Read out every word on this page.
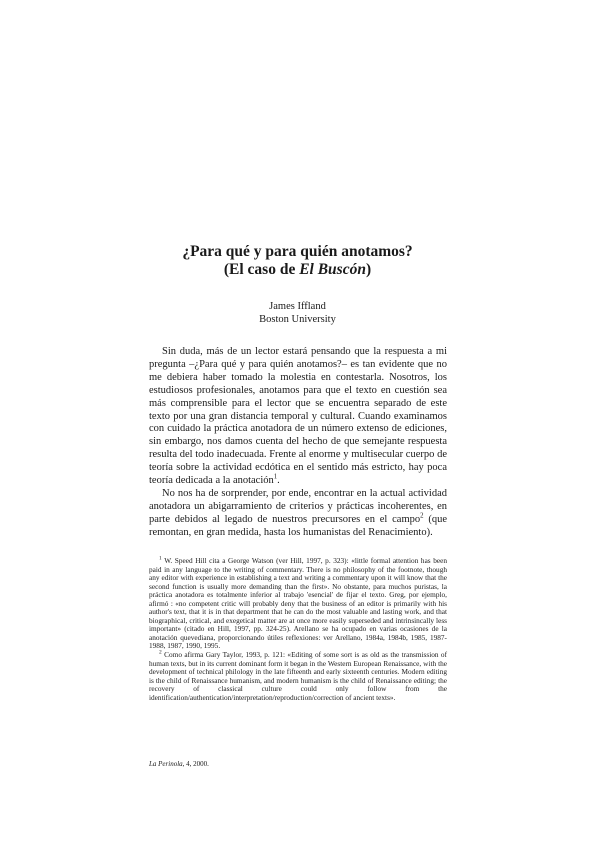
¿Para qué y para quién anotamos?

(El caso de El Buscón)

James Iffland
Boston University

Sin duda, más de un lector estará pensando que la respuesta a mi pregunta –¿Para qué y para quién anotamos?– es tan evidente que no me debiera haber tomado la molestia en contestarla. Nosotros, los estudiosos profesionales, anotamos para que el texto en cuestión sea más comprensible para el lector que se encuentra separado de este texto por una gran distancia temporal y cultural. Cuando examinamos con cuidado la práctica anotadora de un número extenso de ediciones, sin embargo, nos damos cuenta del hecho de que semejante respuesta resulta del todo inadecuada. Frente al enorme y multisecular cuerpo de teoría sobre la actividad ecdótica en el sentido más estricto, hay poca teoría dedicada a la anotación$^1$.

No nos ha de sorprender, por ende, encontrar en la actual actividad anotadora un abigarramiento de criterios y prácticas incoherentes, en parte debidos al legado de nuestros precursores en el campo$^2$ (que remontan, en gran medida, hasta los humanistas del Renacimiento).

$^1$ W. Speed Hill cita a George Watson (ver Hill, 1997, p. 323): «little formal attention has been paid in any language to the writing of commentary. There is no philosophy of the footnote, though any editor with experience in establishing a text and writing a commentary upon it will know that the second function is usually more demanding than the first». No obstante, para muchos puristas, la práctica anotadora es totalmente inferior al trabajo 'esencial' de fijar el texto. Greg, por ejemplo, afirmó : «no competent critic will probably deny that the business of an editor is primarily with his author's text, that it is in that department that he can do the most valuable and lasting work, and that biographical, critical, and exegetical matter are at once more easily superseded and intrinsincally less important» (citado en Hill, 1997, pp. 324-25). Arellano se ha ocupado en varias ocasiones de la anotación quevediana, proporcionando útiles reflexiones: ver Arellano, 1984a, 1984b, 1985, 1987-1988, 1987, 1990, 1995.

$^2$ Como afirma Gary Taylor, 1993, p. 121: «Editing of some sort is as old as the transmission of human texts, but in its current dominant form it began in the Western European Renaissance, with the development of technical philology in the late fifteenth and early sixteenth centuries. Modern editing is the child of Renaissance humanism, and modern humanism is the child of Renaissance editing; the recovery of classical culture could only follow from the identification/authentication/interpretation/reproduction/correction of ancient texts».

La Perinola, 4, 2000.
